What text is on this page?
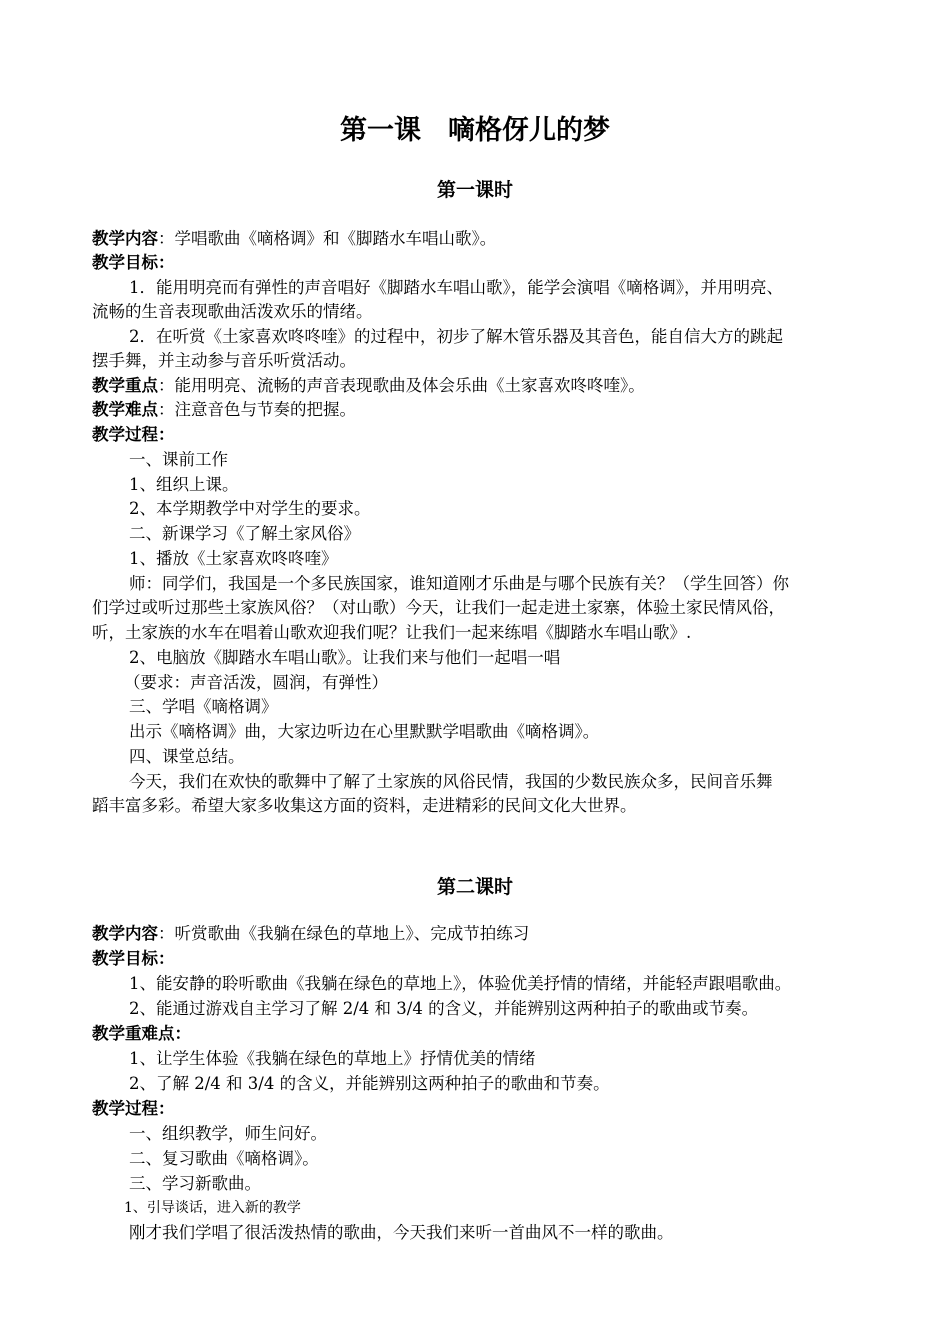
第一课　嘀格伢儿的梦
第一课时
教学内容：学唱歌曲《嘀格调》和《脚踏水车唱山歌》。
教学目标：
1．能用明亮而有弹性的声音唱好《脚踏水车唱山歌》，能学会演唱《嘀格调》，并用明亮、
流畅的生音表现歌曲活泼欢乐的情绪。
2．在听赏《土家喜欢咚咚喹》的过程中，初步了解木管乐器及其音色，能自信大方的跳起
摆手舞，并主动参与音乐听赏活动。
教学重点：能用明亮、流畅的声音表现歌曲及体会乐曲《土家喜欢咚咚喹》。
教学难点：注意音色与节奏的把握。
教学过程：
一、课前工作
1、组织上课。
2、本学期教学中对学生的要求。
二、新课学习《了解土家风俗》
1、播放《土家喜欢咚咚喹》
师：同学们，我国是一个多民族国家，谁知道刚才乐曲是与哪个民族有关？（学生回答）你
们学过或听过那些土家族风俗？（对山歌）今天，让我们一起走进土家寨，体验土家民情风俗，
听，土家族的水车在唱着山歌欢迎我们呢？让我们一起来练唱《脚踏水车唱山歌》.
2、电脑放《脚踏水车唱山歌》。让我们来与他们一起唱一唱
（要求：声音活泼，圆润，有弹性）
三、学唱《嘀格调》
出示《嘀格调》曲，大家边听边在心里默默学唱歌曲《嘀格调》。
四、课堂总结。
今天，我们在欢快的歌舞中了解了土家族的风俗民情，我国的少数民族众多，民间音乐舞
蹈丰富多彩。希望大家多收集这方面的资料，走进精彩的民间文化大世界。
第二课时
教学内容：听赏歌曲《我躺在绿色的草地上》、完成节拍练习
教学目标：
1、能安静的聆听歌曲《我躺在绿色的草地上》，体验优美抒情的情绪，并能轻声跟唱歌曲。
2、能通过游戏自主学习了解 2/4 和 3/4 的含义，并能辨别这两种拍子的歌曲或节奏。
教学重难点：
1、让学生体验《我躺在绿色的草地上》抒情优美的情绪
2、了解 2/4 和 3/4 的含义，并能辨别这两种拍子的歌曲和节奏。
教学过程：
一、组织教学，师生问好。
二、复习歌曲《嘀格调》。
三、学习新歌曲。
1、引导谈话，进入新的教学
刚才我们学唱了很活泼热情的歌曲，今天我们来听一首曲风不一样的歌曲。
